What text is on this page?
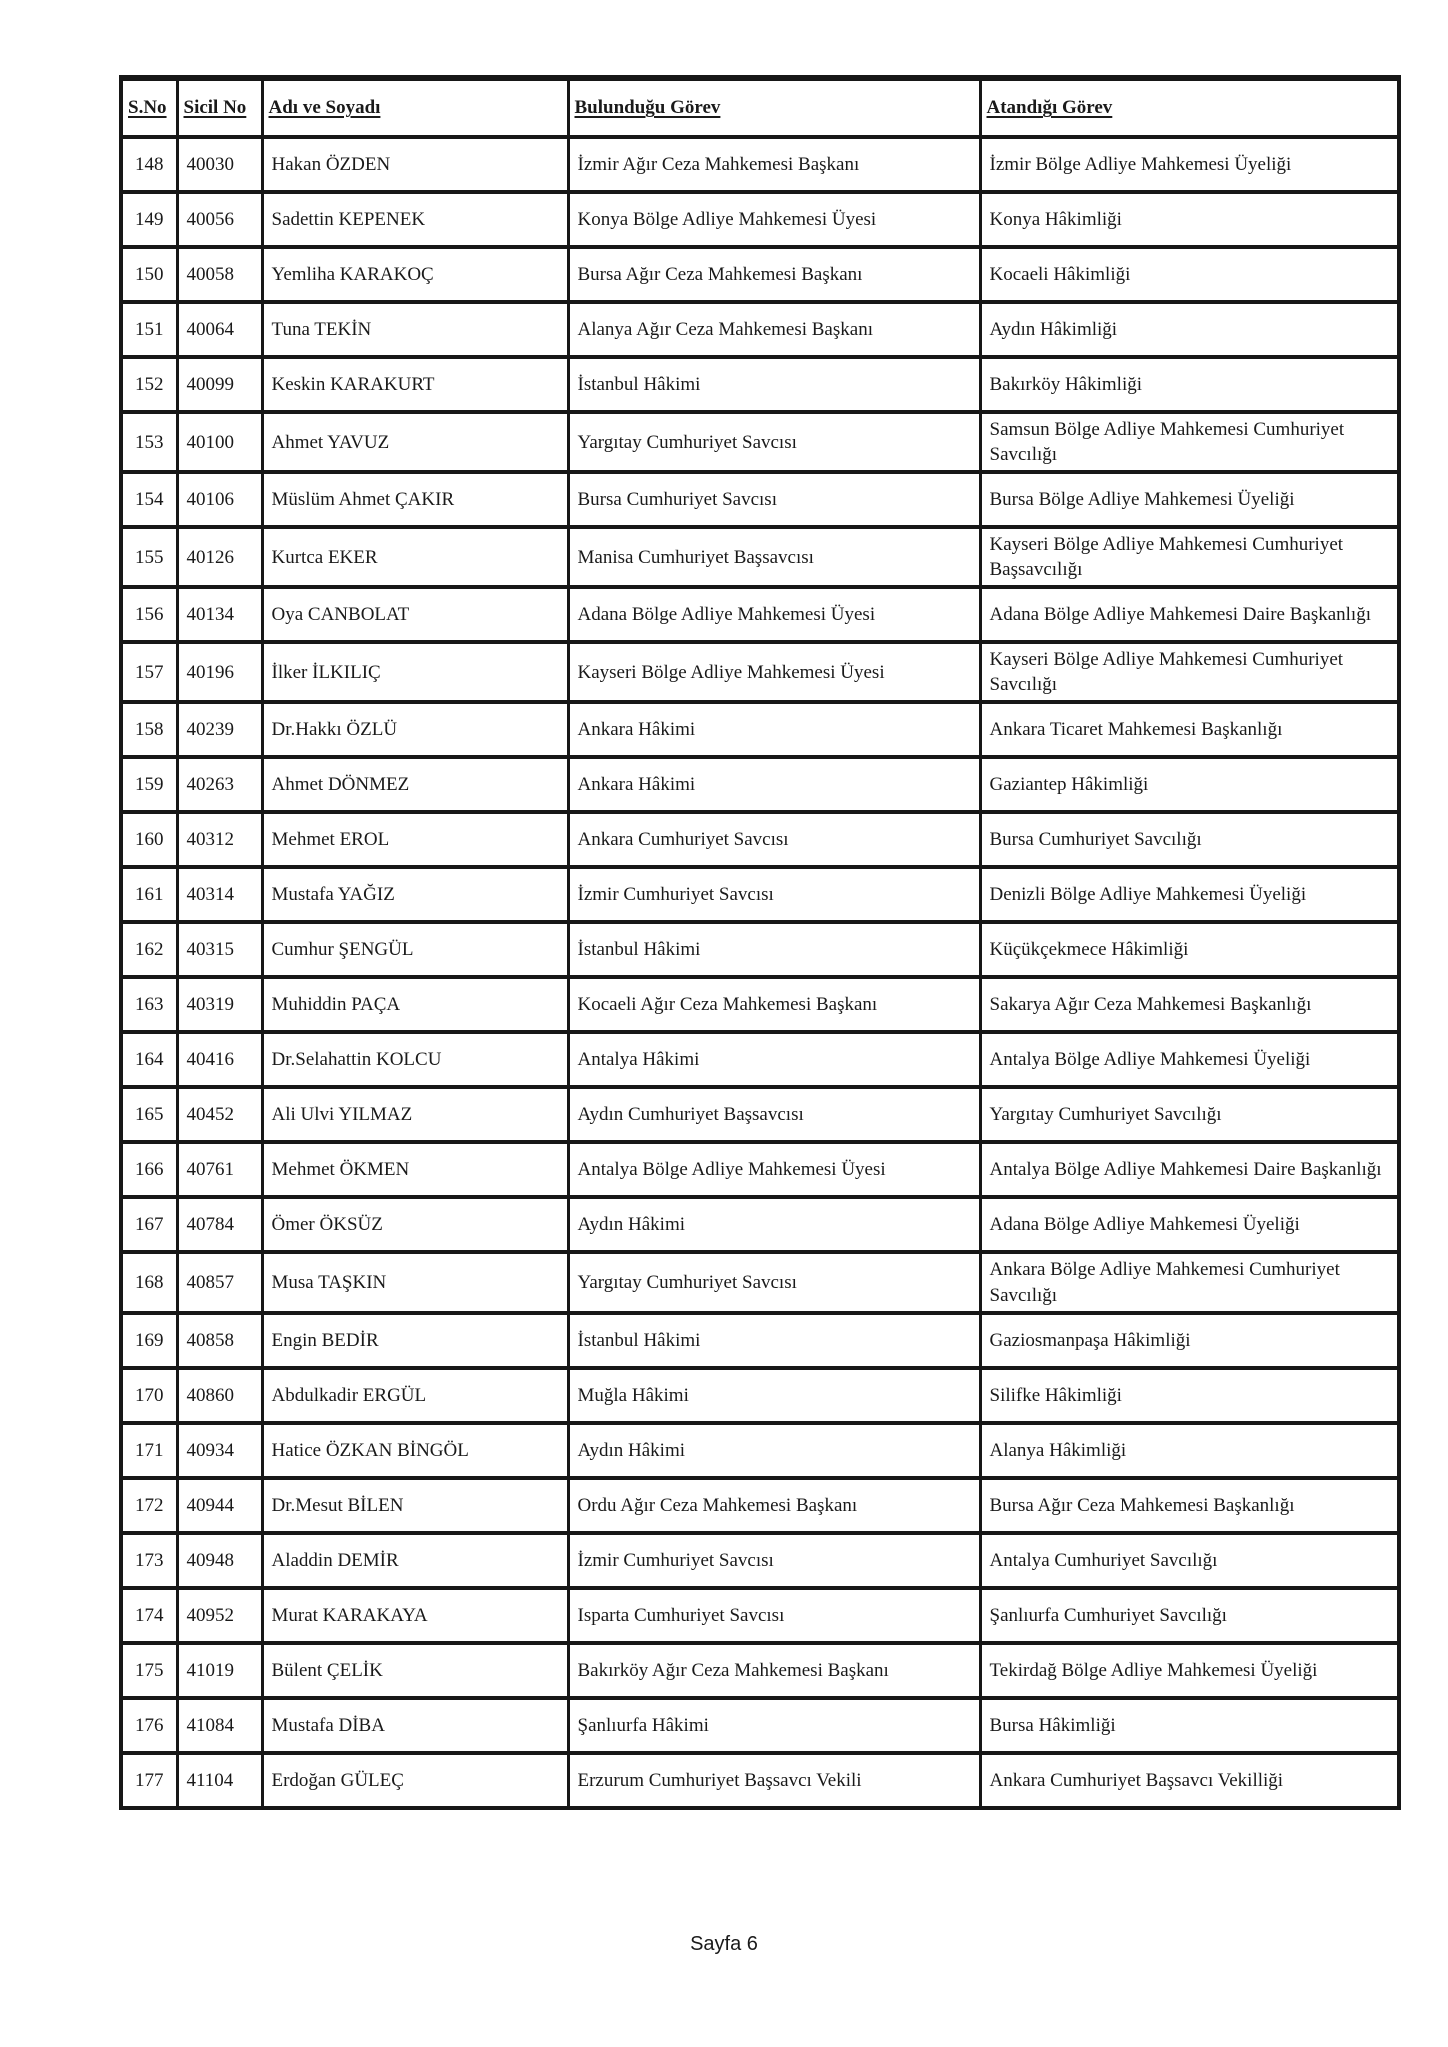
S.No	Sicil No	Adı ve Soyadı	Bulunduğu Görev	Atandığı Görev
148	40030	Hakan ÖZDEN	İzmir Ağır Ceza Mahkemesi Başkanı	İzmir Bölge Adliye Mahkemesi Üyeliği
149	40056	Sadettin KEPENEK	Konya Bölge Adliye Mahkemesi Üyesi	Konya Hâkimliği
150	40058	Yemliha KARAKOÇ	Bursa Ağır Ceza Mahkemesi Başkanı	Kocaeli Hâkimliği
151	40064	Tuna TEKİN	Alanya Ağır Ceza Mahkemesi Başkanı	Aydın Hâkimliği
152	40099	Keskin KARAKURT	İstanbul Hâkimi	Bakırköy Hâkimliği
153	40100	Ahmet YAVUZ	Yargıtay Cumhuriyet Savcısı	Samsun Bölge Adliye Mahkemesi Cumhuriyet Savcılığı
154	40106	Müslüm Ahmet ÇAKIR	Bursa Cumhuriyet Savcısı	Bursa Bölge Adliye Mahkemesi Üyeliği
155	40126	Kurtca EKER	Manisa Cumhuriyet Başsavcısı	Kayseri Bölge Adliye Mahkemesi Cumhuriyet Başsavcılığı
156	40134	Oya CANBOLAT	Adana Bölge Adliye Mahkemesi Üyesi	Adana Bölge Adliye Mahkemesi Daire Başkanlığı
157	40196	İlker İLKILIÇ	Kayseri Bölge Adliye Mahkemesi Üyesi	Kayseri Bölge Adliye Mahkemesi Cumhuriyet Savcılığı
158	40239	Dr.Hakkı ÖZLÜ	Ankara Hâkimi	Ankara Ticaret Mahkemesi Başkanlığı
159	40263	Ahmet DÖNMEZ	Ankara Hâkimi	Gaziantep Hâkimliği
160	40312	Mehmet EROL	Ankara Cumhuriyet Savcısı	Bursa Cumhuriyet Savcılığı
161	40314	Mustafa YAĞIZ	İzmir Cumhuriyet Savcısı	Denizli Bölge Adliye Mahkemesi Üyeliği
162	40315	Cumhur ŞENGÜL	İstanbul Hâkimi	Küçükçekmece Hâkimliği
163	40319	Muhiddin PAÇA	Kocaeli Ağır Ceza Mahkemesi Başkanı	Sakarya Ağır Ceza Mahkemesi Başkanlığı
164	40416	Dr.Selahattin KOLCU	Antalya Hâkimi	Antalya Bölge Adliye Mahkemesi Üyeliği
165	40452	Ali Ulvi YILMAZ	Aydın Cumhuriyet Başsavcısı	Yargıtay Cumhuriyet Savcılığı
166	40761	Mehmet ÖKMEN	Antalya Bölge Adliye Mahkemesi Üyesi	Antalya Bölge Adliye Mahkemesi Daire Başkanlığı
167	40784	Ömer ÖKSÜZ	Aydın Hâkimi	Adana Bölge Adliye Mahkemesi Üyeliği
168	40857	Musa TAŞKIN	Yargıtay Cumhuriyet Savcısı	Ankara Bölge Adliye Mahkemesi Cumhuriyet Savcılığı
169	40858	Engin BEDİR	İstanbul Hâkimi	Gaziosmanpaşa Hâkimliği
170	40860	Abdulkadir ERGÜL	Muğla Hâkimi	Silifke Hâkimliği
171	40934	Hatice ÖZKAN BİNGÖL	Aydın Hâkimi	Alanya Hâkimliği
172	40944	Dr.Mesut BİLEN	Ordu Ağır Ceza Mahkemesi Başkanı	Bursa Ağır Ceza Mahkemesi Başkanlığı
173	40948	Aladdin DEMİR	İzmir Cumhuriyet Savcısı	Antalya Cumhuriyet Savcılığı
174	40952	Murat KARAKAYA	Isparta Cumhuriyet Savcısı	Şanlıurfa Cumhuriyet Savcılığı
175	41019	Bülent ÇELİK	Bakırköy Ağır Ceza Mahkemesi Başkanı	Tekirdağ Bölge Adliye Mahkemesi Üyeliği
176	41084	Mustafa DİBA	Şanlıurfa Hâkimi	Bursa Hâkimliği
177	41104	Erdoğan GÜLEÇ	Erzurum Cumhuriyet Başsavcı Vekili	Ankara Cumhuriyet Başsavcı Vekilliği
Sayfa 6
